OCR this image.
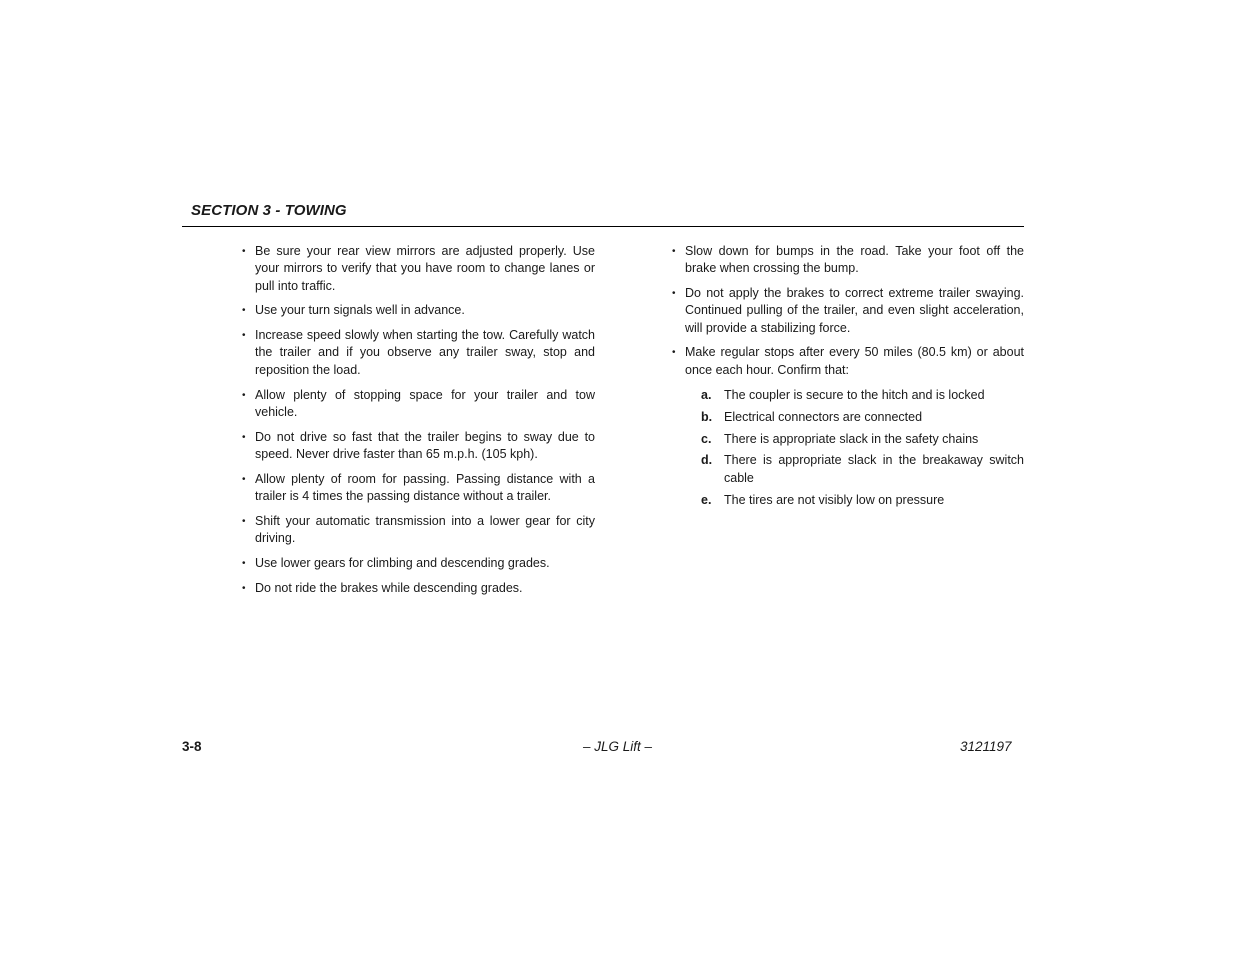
SECTION 3 - TOWING
• Be sure your rear view mirrors are adjusted properly. Use your mirrors to verify that you have room to change lanes or pull into traffic.
• Use your turn signals well in advance.
• Increase speed slowly when starting the tow. Carefully watch the trailer and if you observe any trailer sway, stop and reposition the load.
• Allow plenty of stopping space for your trailer and tow vehicle.
• Do not drive so fast that the trailer begins to sway due to speed. Never drive faster than 65 m.p.h. (105 kph).
• Allow plenty of room for passing. Passing distance with a trailer is 4 times the passing distance without a trailer.
• Shift your automatic transmission into a lower gear for city driving.
• Use lower gears for climbing and descending grades.
• Do not ride the brakes while descending grades.
• Slow down for bumps in the road. Take your foot off the brake when crossing the bump.
• Do not apply the brakes to correct extreme trailer swaying. Continued pulling of the trailer, and even slight acceleration, will provide a stabilizing force.
• Make regular stops after every 50 miles (80.5 km) or about once each hour. Confirm that:
a. The coupler is secure to the hitch and is locked
b. Electrical connectors are connected
c. There is appropriate slack in the safety chains
d. There is appropriate slack in the breakaway switch cable
e. The tires are not visibly low on pressure
3-8	– JLG Lift –	3121197
